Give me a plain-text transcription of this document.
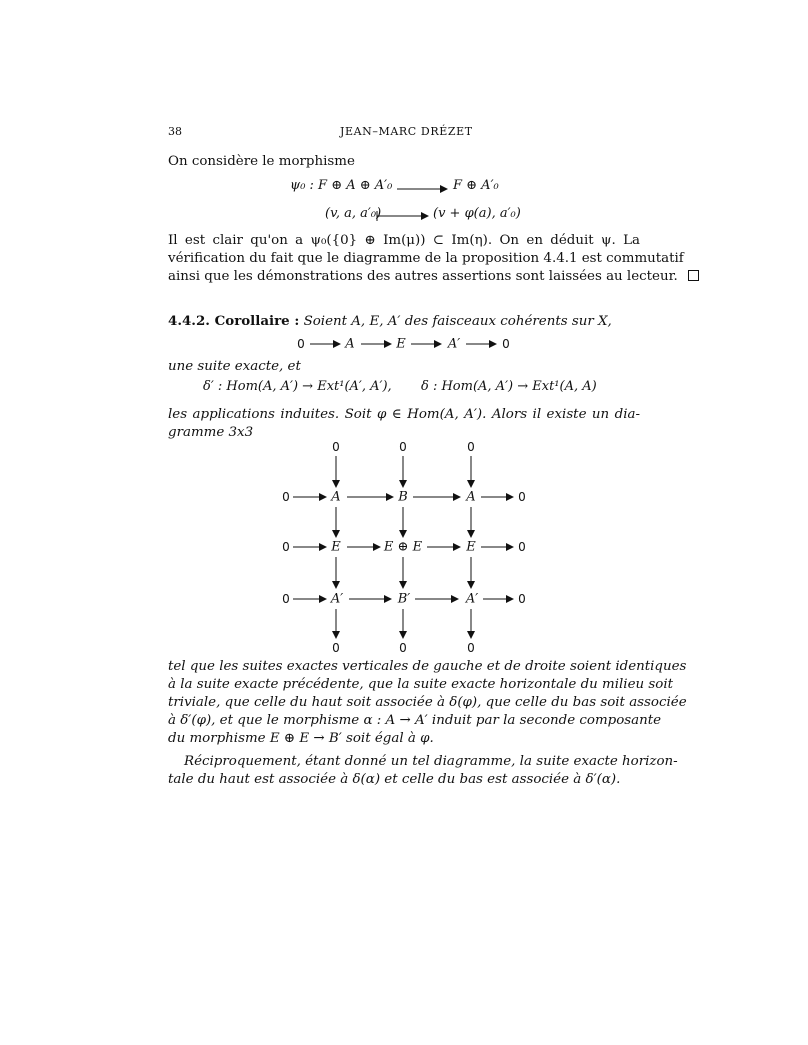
38	JEAN–MARC DRÉZET
On considère le morphisme
ψ₀ : F ⊕ A ⊕ A′₀	F ⊕ A′₀
(v, a, a′₀)	(v + φ(a), a′₀)
Il est clair qu'on a ψ₀({0} ⊕ Im(μ)) ⊂ Im(η). On en déduit ψ. La
vérification du fait que le diagramme de la proposition 4.4.1 est commutatif
ainsi que les démonstrations des autres assertions sont laissées au lecteur.
4.4.2. Corollaire : Soient A, E, A′ des faisceaux cohérents sur X,
0	A	E	A′	0
une suite exacte, et
δ′ : Hom(A, A′) → Ext¹(A′, A′), δ : Hom(A, A′) → Ext¹(A, A)
les applications induites. Soit φ ∈ Hom(A, A′). Alors il existe un dia-
gramme 3x3
0	0	0
0	A	B	A	0
0	E	E ⊕ E	E	0
0	A′	B′	A′	0
0	0	0
tel que les suites exactes verticales de gauche et de droite soient identiques
à la suite exacte précédente, que la suite exacte horizontale du milieu soit
triviale, que celle du haut soit associée à δ(φ), que celle du bas soit associée
à δ′(φ), et que le morphisme α : A → A′ induit par la seconde composante
du morphisme E ⊕ E → B′ soit égal à φ.
Réciproquement, étant donné un tel diagramme, la suite exacte horizon-
tale du haut est associée à δ(α) et celle du bas est associée à δ′(α).
